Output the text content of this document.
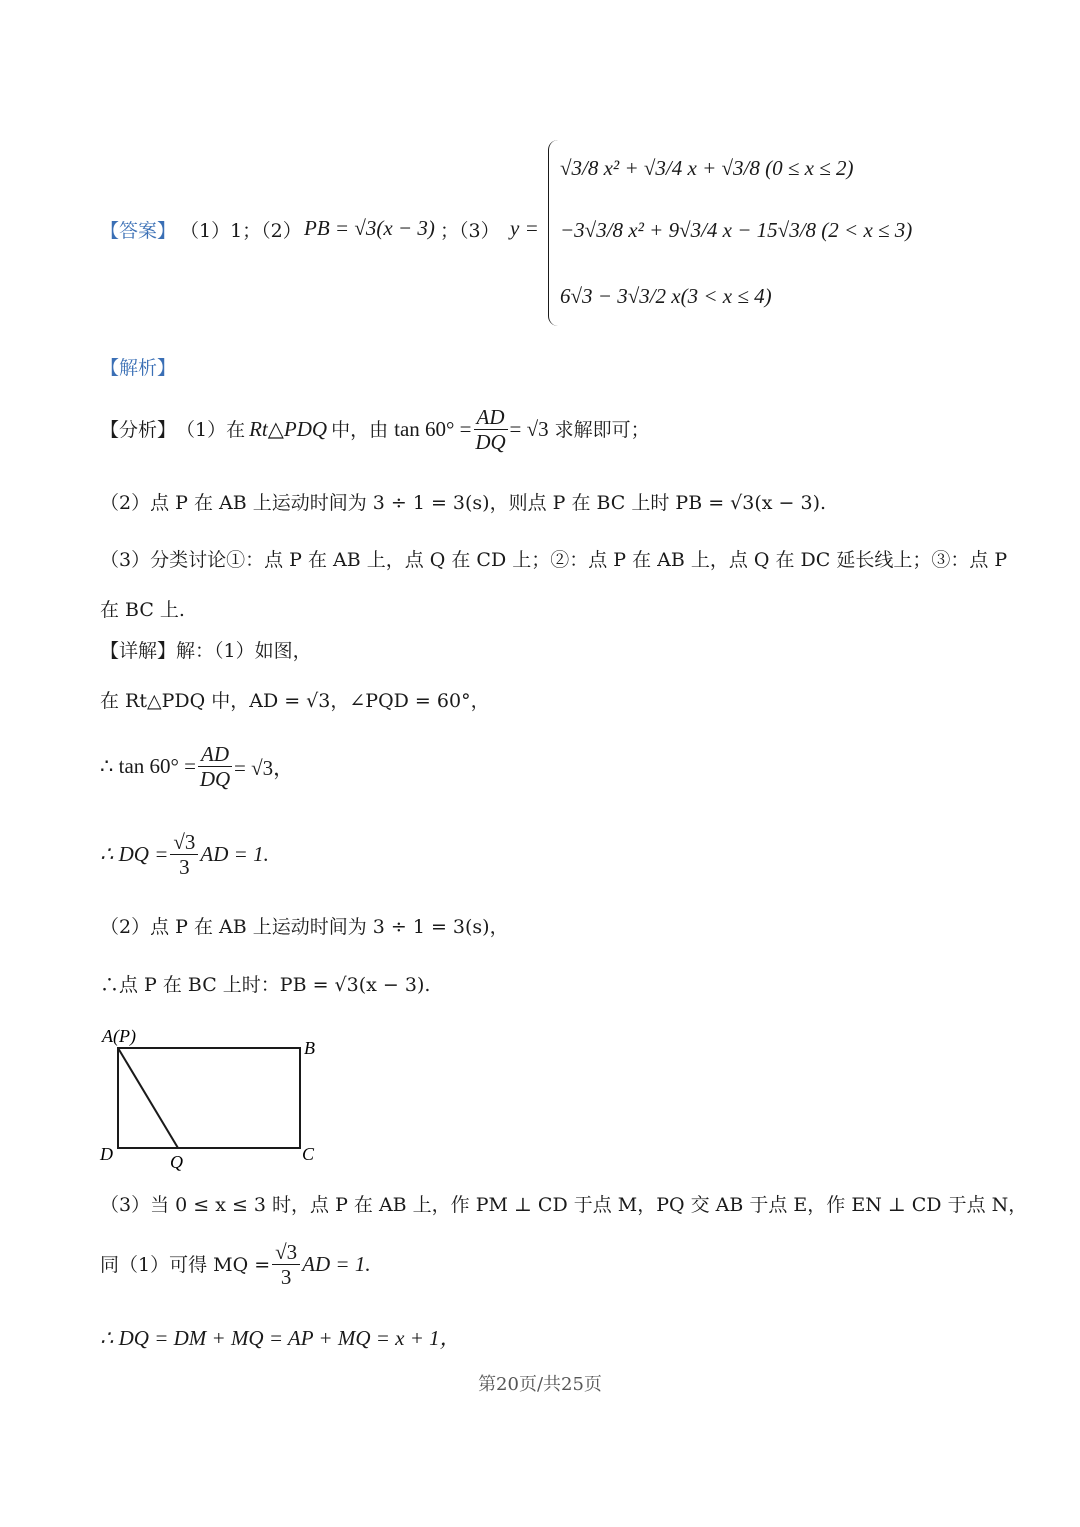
【答案】 （1）1；（2） PB = √3(x − 3) ；（3） y =
√3/8 x² + √3/4 x + √3/8 (0 ≤ x ≤ 2)
−3√3/8 x² + 9√3/4 x − 15√3/8 (2 < x ≤ 3)
6√3 − 3√3/2 x(3 < x ≤ 4)
【解析】
【分析】 （1）在 Rt△PDQ 中，由 $\tan 60^\circ = \frac{AD}{DQ} = √3$ 求解即可；
（2）点 P 在 AB 上运动时间为 3 ÷ 1 = 3(s)，则点 P 在 BC 上时 PB = √3(x − 3).
（3）分类讨论①：点 P 在 AB 上，点 Q 在 CD 上；②：点 P 在 AB 上，点 Q 在 DC 延长线上；③：点 P
在 BC 上.
【详解】解：（1）如图，
在 Rt△PDQ 中，AD = √3，∠PQD = 60°，
∴ $\tan 60^\circ = \frac{AD}{DQ} = √3$，
∴ DQ = $\frac{√3}{3}$ AD = 1.
（2）点 P 在 AB 上运动时间为 3 ÷ 1 = 3(s)，
∴点 P 在 BC 上时：PB = √3(x − 3).
A(P)
B
C
D	Q
（3）当 0 ≤ x ≤ 3 时，点 P 在 AB 上，作 PM ⊥ CD 于点 M，PQ 交 AB 于点 E，作 EN ⊥ CD 于点 N，
同（1）可得 MQ = $\frac{√3}{3}$ AD = 1.
∴ DQ = DM + MQ = AP + MQ = x + 1，
第20页/共25页
